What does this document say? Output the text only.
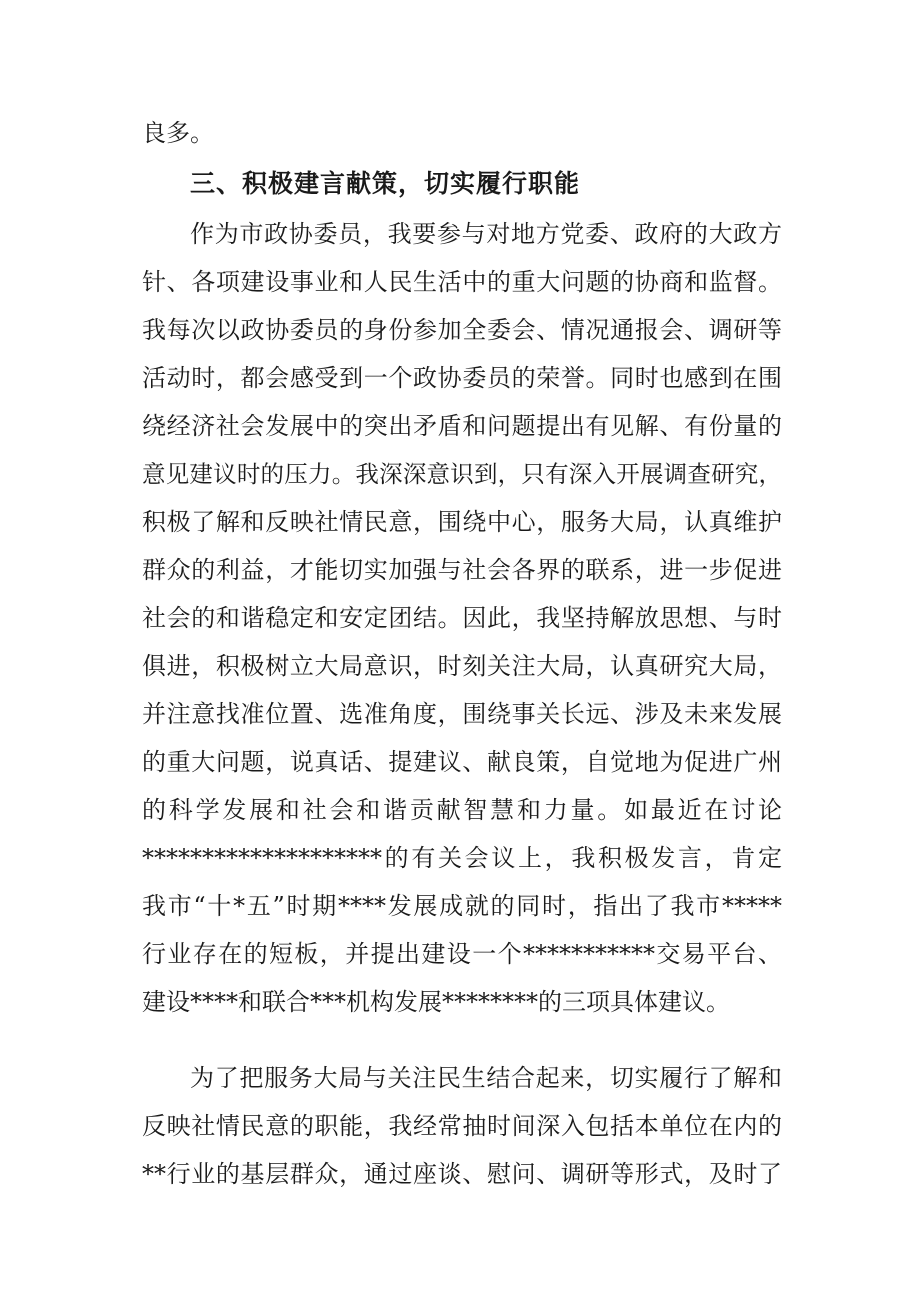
良多。
三、积极建言献策，切实履行职能
作为市政协委员，我要参与对地方党委、政府的大政方
针、各项建设事业和人民生活中的重大问题的协商和监督。
我每次以政协委员的身份参加全委会、情况通报会、调研等
活动时，都会感受到一个政协委员的荣誉。同时也感到在围
绕经济社会发展中的突出矛盾和问题提出有见解、有份量的
意见建议时的压力。我深深意识到，只有深入开展调查研究，
积极了解和反映社情民意，围绕中心，服务大局，认真维护
群众的利益，才能切实加强与社会各界的联系，进一步促进
社会的和谐稳定和安定团结。因此，我坚持解放思想、与时
俱进，积极树立大局意识，时刻关注大局，认真研究大局，
并注意找准位置、选准角度，围绕事关长远、涉及未来发展
的重大问题，说真话、提建议、献良策，自觉地为促进广州
的科学发展和社会和谐贡献智慧和力量。如最近在讨论
********************的有关会议上，我积极发言，肯定
我市“十*五”时期****发展成就的同时，指出了我市*****
行业存在的短板，并提出建设一个***********交易平台、
建设****和联合***机构发展********的三项具体建议。
为了把服务大局与关注民生结合起来，切实履行了解和
反映社情民意的职能，我经常抽时间深入包括本单位在内的
**行业的基层群众，通过座谈、慰问、调研等形式，及时了
